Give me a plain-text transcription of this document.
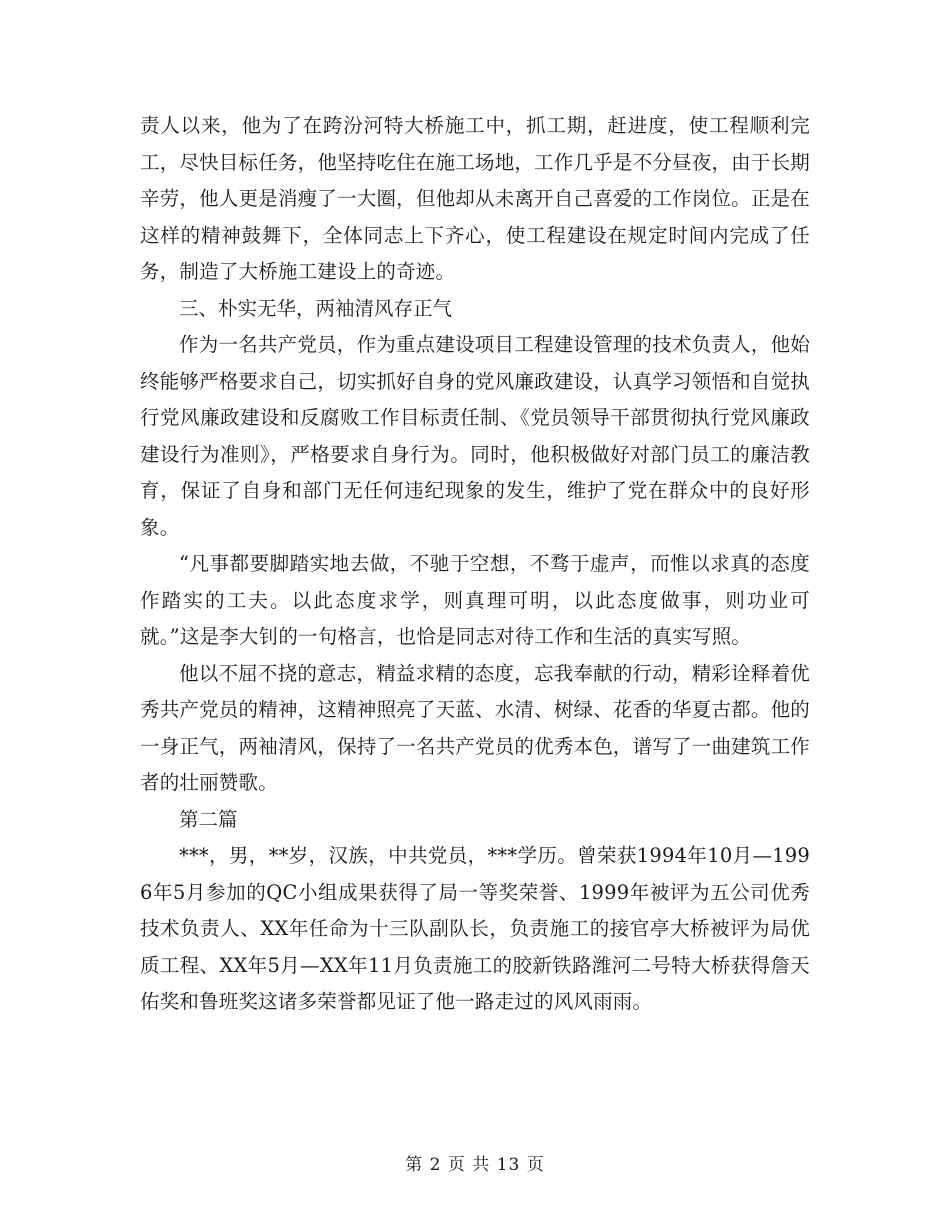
责人以来，他为了在跨汾河特大桥施工中，抓工期，赶进度，使工程顺利完工，尽快目标任务，他坚持吃住在施工场地，工作几乎是不分昼夜，由于长期辛劳，他人更是消瘦了一大圈，但他却从未离开自己喜爱的工作岗位。正是在这样的精神鼓舞下，全体同志上下齐心，使工程建设在规定时间内完成了任务，制造了大桥施工建设上的奇迹。

三、朴实无华，两袖清风存正气

作为一名共产党员，作为重点建设项目工程建设管理的技术负责人，他始终能够严格要求自己，切实抓好自身的党风廉政建设，认真学习领悟和自觉执行党风廉政建设和反腐败工作目标责任制、《党员领导干部贯彻执行党风廉政建设行为准则》，严格要求自身行为。同时，他积极做好对部门员工的廉洁教育，保证了自身和部门无任何违纪现象的发生，维护了党在群众中的良好形象。

“凡事都要脚踏实地去做，不驰于空想，不骛于虚声，而惟以求真的态度作踏实的工夫。以此态度求学，则真理可明，以此态度做事，则功业可就。”这是李大钊的一句格言，也恰是同志对待工作和生活的真实写照。

他以不屈不挠的意志，精益求精的态度，忘我奉献的行动，精彩诠释着优秀共产党员的精神，这精神照亮了天蓝、水清、树绿、花香的华夏古都。他的一身正气，两袖清风，保持了一名共产党员的优秀本色，谱写了一曲建筑工作者的壮丽赞歌。

第二篇

***，男，**岁，汉族，中共党员，***学历。曾荣获1994年10月—1996年5月参加的QC小组成果获得了局一等奖荣誉、1999年被评为五公司优秀技术负责人、XX年任命为十三队副队长，负责施工的接官亭大桥被评为局优质工程、XX年5月—XX年11月负责施工的胶新铁路潍河二号特大桥获得詹天佑奖和鲁班奖这诸多荣誉都见证了他一路走过的风风雨雨。

第 2 页 共 13 页
